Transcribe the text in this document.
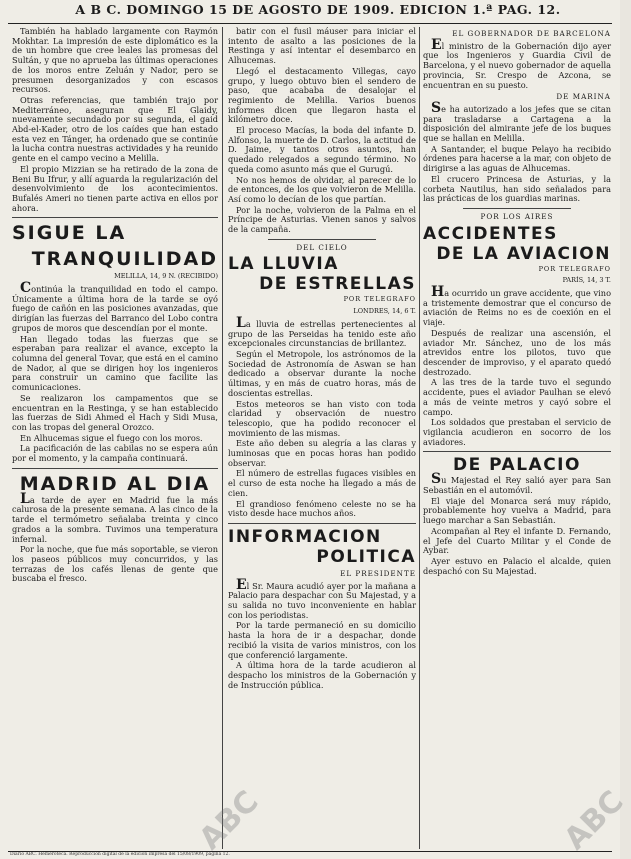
A B C. DOMINGO 15 DE AGOSTO DE 1909. EDICION 1.ª PAG. 12.

También ha hablado largamente con Raymón Mokhtar. La impresión de este diplomático es la de un hombre que cree leales las promesas del Sultán, y que no aprueba las últimas operaciones de los moros entre Zeluán y Nador, pero se presumen desorganizados y con escasos recursos.

Otras referencias, que también trajo por Mediterráneo, aseguran que El Glaidy, nuevamente secundado por su segunda, el gaid Abd-el-Kader, otro de los caídes que han estado esta vez en Tánger, ha ordenado que se continúe la lucha contra nuestras actividades y ha reunido gente en el campo vecino a Melilla.

El propio Mizzian se ha retirado de la zona de Beni Bu Ifrur, y allí aguarda la regularización del desenvolvimiento de los acontecimientos. Bufalés Ameri no tienen parte activa en ellos por ahora.

SIGUE LA
TRANQUILIDAD
MELILLA, 14, 9 N. (RECIBIDO)

Continúa la tranquilidad en todo el campo. Únicamente a última hora de la tarde se oyó fuego de cañón en las posiciones avanzadas, que dirigían las fuerzas del Barranco del Lobo contra grupos de moros que descendían por el monte.

Han llegado todas las fuerzas que se esperaban para realizar el avance, excepto la columna del general Tovar, que está en el camino de Nador, al que se dirigen hoy los ingenieros para construir un camino que facilite las comunicaciones.

Se realizaron los campamentos que se encuentran en la Restinga, y se han establecido las fuerzas de Sidi Ahmed el Hach y Sidi Musa, con las tropas del general Orozco.

En Alhucemas sigue el fuego con los moros.

La pacificación de las cabilas no se espera aún por el momento, y la campaña continuará.

MADRID AL DIA

La tarde de ayer en Madrid fue la más calurosa de la presente semana. A las cinco de la tarde el termómetro señalaba treinta y cinco grados a la sombra. Tuvimos una temperatura infernal.

Por la noche, que fue más soportable, se vieron los paseos públicos muy concurridos, y las terrazas de los cafés llenas de gente que buscaba el fresco.

batir con el fusil máuser para iniciar el intento de asalto a las posiciones de la Restinga y así intentar el desembarco en Alhucemas.

Llegó el destacamento Villegas, cayo grupo, y luego obtuvo bien el sendero de paso, que acababa de desalojar el regimiento de Melilla. Varios buenos informes dicen que llegaron hasta el kilómetro doce.

El proceso Macías, la boda del infante D. Alfonso, la muerte de D. Carlos, la actitud de D. Jaime, y tantos otros asuntos, han quedado relegados a segundo término. No queda como asunto más que el Gurugú.

No nos hemos de olvidar, al parecer de lo de entonces, de los que volvieron de Melilla. Así como lo decían de los que partían.

Por la noche, volvieron de la Palma en el Príncipe de Asturias. Vienen sanos y salvos de la campaña.

DEL CIELO
LA LLUVIA
DE ESTRELLAS
POR TELEGRAFO
LONDRES, 14, 6 T.

La lluvia de estrellas pertenecientes al grupo de las Perseidas ha tenido este año excepcionales circunstancias de brillantez.

Según el Metropole, los astrónomos de la Sociedad de Astronomía de Aswan se han dedicado a observar durante la noche últimas, y en más de cuatro horas, más de doscientas estrellas.

Estos meteoros se han visto con toda claridad y observación de nuestro telescopio, que ha podido reconocer el movimiento de las mismas.

Este año deben su alegría a las claras y luminosas que en pocas horas han podido observar.

El número de estrellas fugaces visibles en el curso de esta noche ha llegado a más de cien.

El grandioso fenómeno celeste no se ha visto desde hace muchos años.

INFORMACION
POLITICA
EL PRESIDENTE

El Sr. Maura acudió ayer por la mañana a Palacio para despachar con Su Majestad, y a su salida no tuvo inconveniente en hablar con los periodistas.

Por la tarde permaneció en su domicilio hasta la hora de ir a despachar, donde recibió la visita de varios ministros, con los que conferenció largamente.

A última hora de la tarde acudieron al despacho los ministros de la Gobernación y de Instrucción pública.

EL GOBERNADOR DE BARCELONA

El ministro de la Gobernación dijo ayer que los Ingenieros y Guardia Civil de Barcelona, y el nuevo gobernador de aquella provincia, Sr. Crespo de Azcona, se encuentran en su puesto.

DE MARINA

Se ha autorizado a los jefes que se citan para trasladarse a Cartagena a la disposición del almirante jefe de los buques que se hallan en Melilla.

A Santander, el buque Pelayo ha recibido órdenes para hacerse a la mar, con objeto de dirigirse a las aguas de Alhucemas.

El crucero Princesa de Asturias, y la corbeta Nautilus, han sido señalados para las prácticas de los guardias marinas.

POR LOS AIRES
ACCIDENTES
DE LA AVIACION
POR TELEGRAFO
PARÍS, 14, 3 T.

Ha ocurrido un grave accidente, que vino a tristemente demostrar que el concurso de aviación de Reims no es de coexión en el viaje.

Después de realizar una ascensión, el aviador Mr. Sánchez, uno de los más atrevidos entre los pilotos, tuvo que descender de improviso, y el aparato quedó destrozado.

A las tres de la tarde tuvo el segundo accidente, pues el aviador Paulhan se elevó a más de veinte metros y cayó sobre el campo.

Los soldados que prestaban el servicio de vigilancia acudieron en socorro de los aviadores.

DE PALACIO

Su Majestad el Rey salió ayer para San Sebastián en el automóvil.

El viaje del Monarca será muy rápido, probablemente hoy vuelva a Madrid, para luego marchar a San Sebastián.

Acompañan al Rey el infante D. Fernando, el Jefe del Cuarto Militar y el Conde de Aybar.

Ayer estuvo en Palacio el alcalde, quien despachó con Su Majestad.

ABC	ABC
Diario ABC. Hemeroteca. Reproducción digital de la edición impresa del 15/08/1909, página 12.
